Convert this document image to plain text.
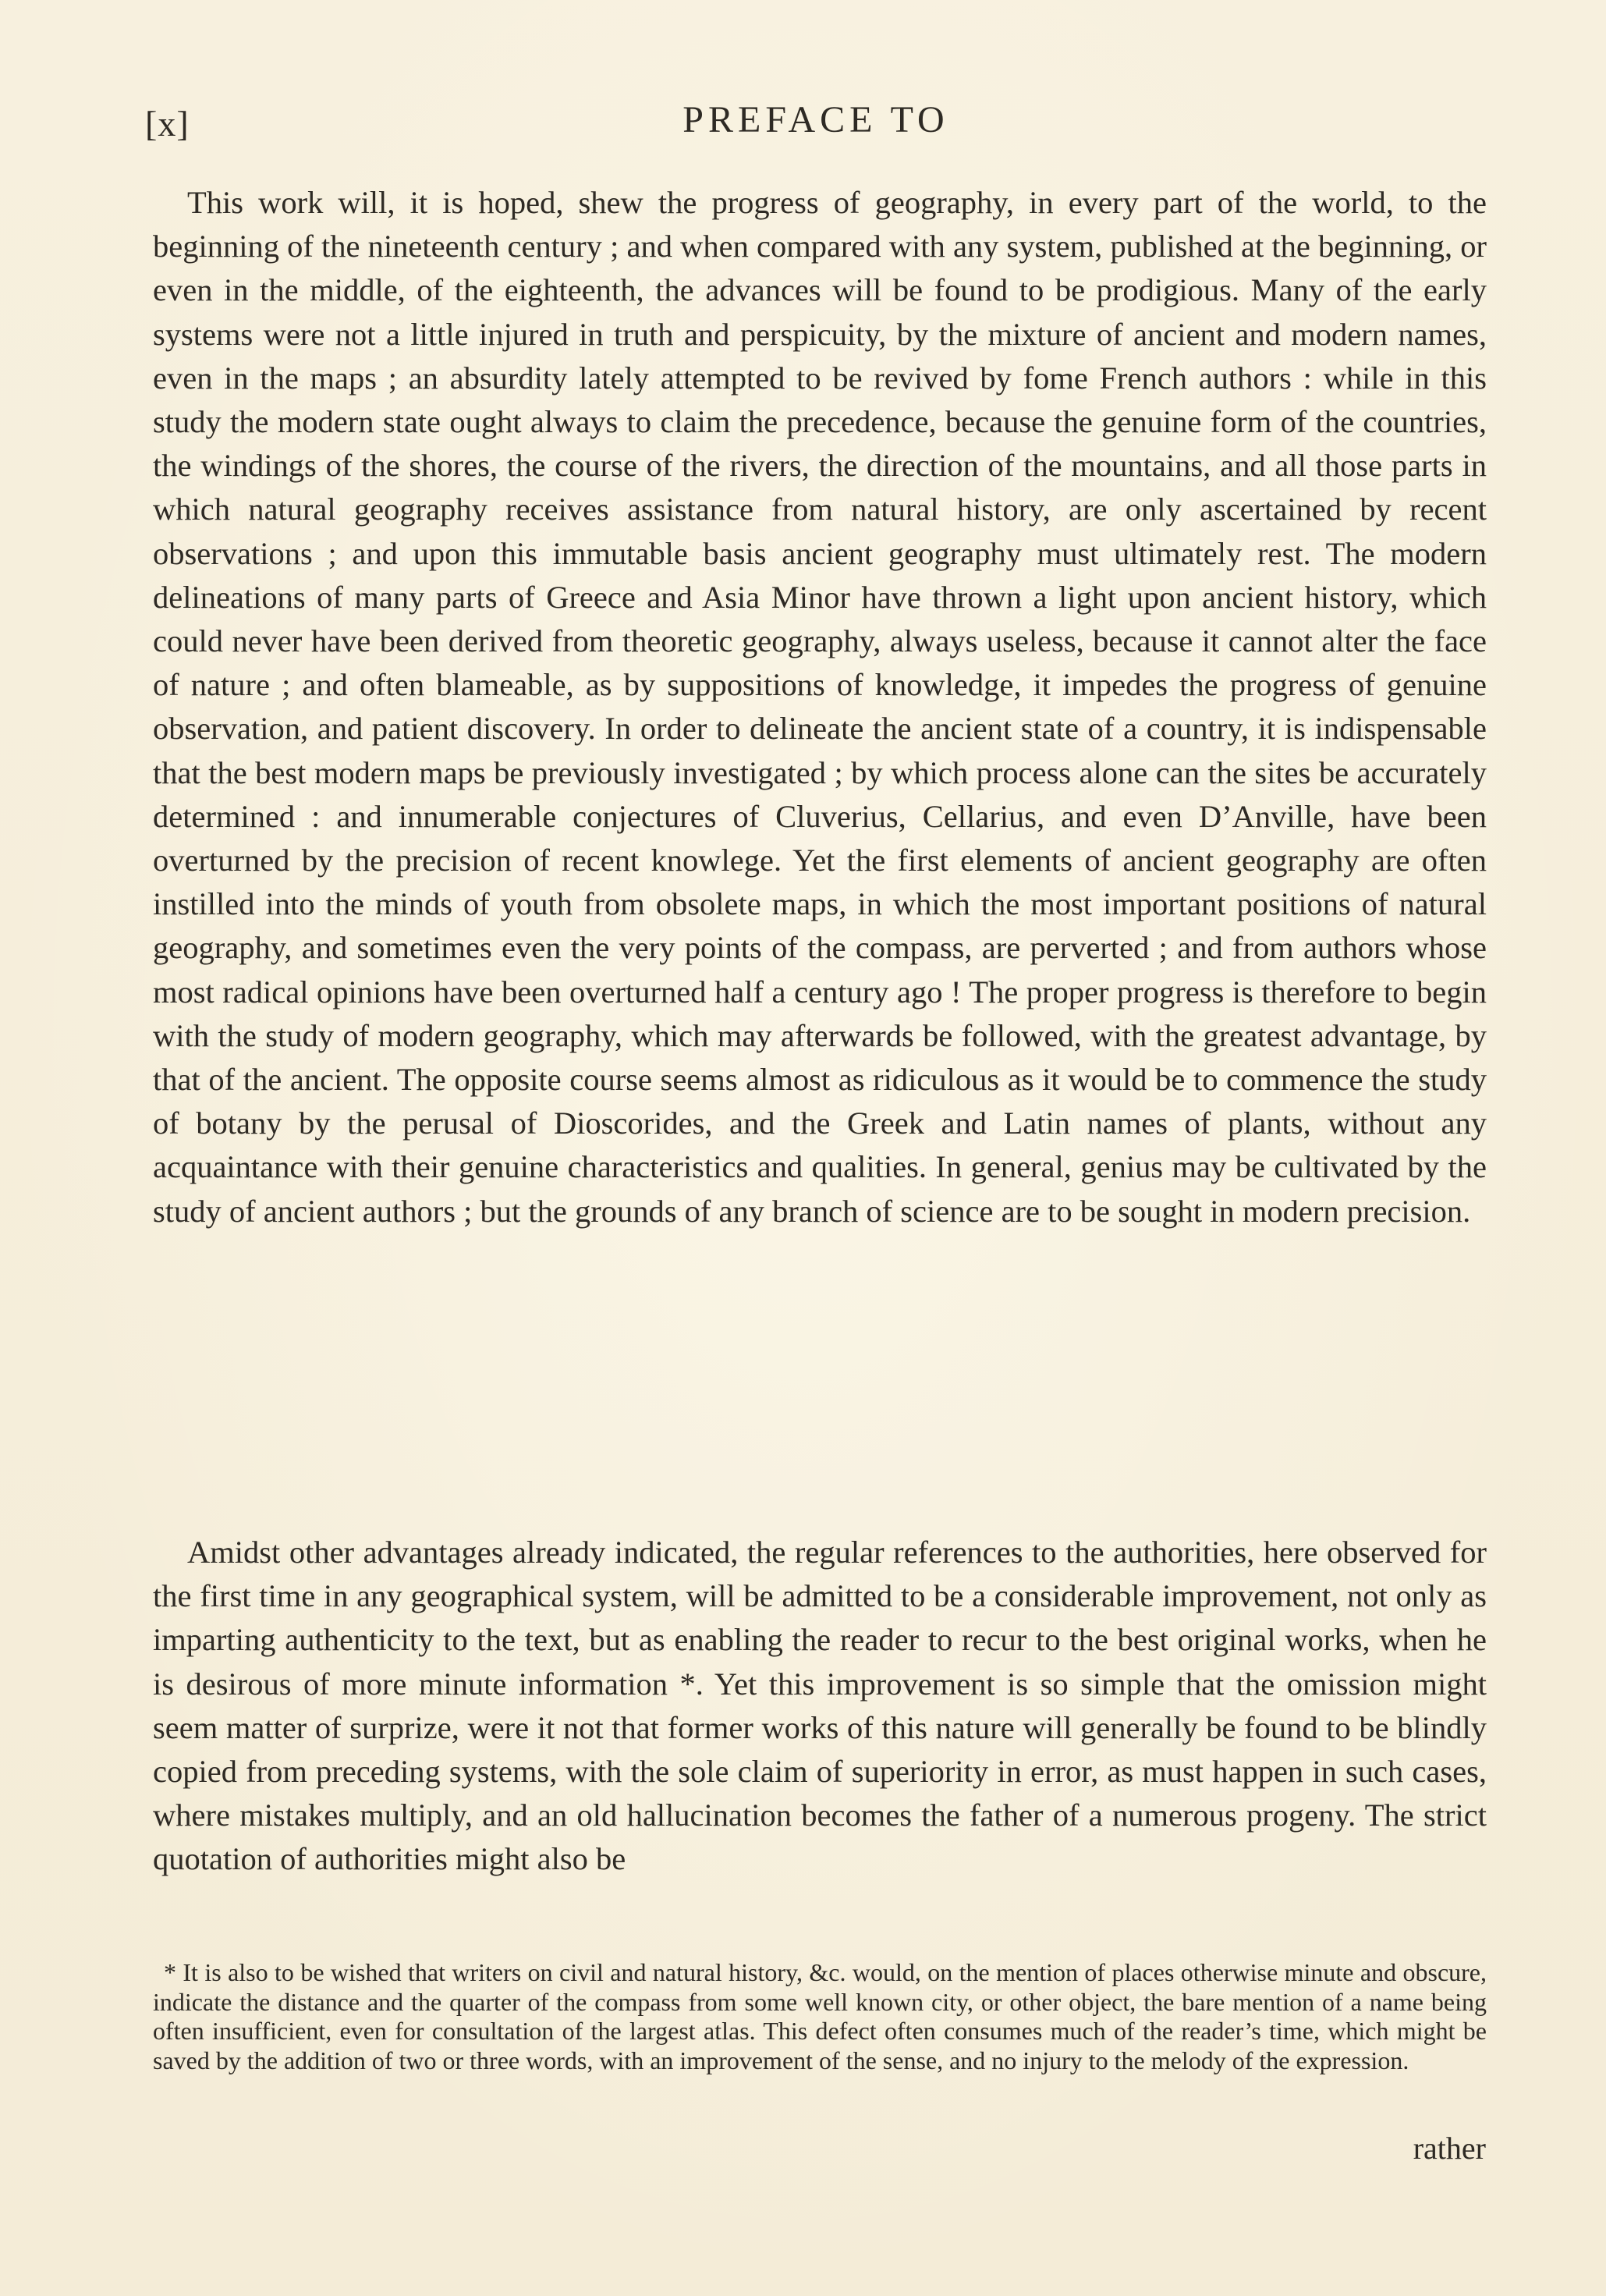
[x]	PREFACE TO

This work will, it is hoped, shew the progress of geography, in every part of the world, to the beginning of the nineteenth century ; and when compared with any system, published at the beginning, or even in the middle, of the eighteenth, the advances will be found to be prodigious. Many of the early systems were not a little injured in truth and perspicuity, by the mixture of ancient and modern names, even in the maps ; an absurdity lately attempted to be revived by fome French authors : while in this study the modern state ought always to claim the precedence, because the genuine form of the countries, the windings of the shores, the course of the rivers, the direction of the mountains, and all those parts in which natural geography receives assistance from natural history, are only ascertained by recent observations ; and upon this immutable basis ancient geography must ultimately rest. The modern delineations of many parts of Greece and Asia Minor have thrown a light upon ancient history, which could never have been derived from theoretic geography, always useless, because it cannot alter the face of nature ; and often blameable, as by suppositions of knowledge, it impedes the progress of genuine observation, and patient discovery. In order to delineate the ancient state of a country, it is indispensable that the best modern maps be previously investigated ; by which process alone can the sites be accurately determined : and innumerable conjectures of Cluverius, Cellarius, and even D’Anville, have been overturned by the precision of recent knowlege. Yet the first elements of ancient geography are often instilled into the minds of youth from obsolete maps, in which the most important positions of natural geography, and sometimes even the very points of the compass, are perverted ; and from authors whose most radical opinions have been overturned half a century ago ! The proper progress is therefore to begin with the study of modern geography, which may afterwards be followed, with the greatest advantage, by that of the ancient. The opposite course seems almost as ridiculous as it would be to commence the study of botany by the perusal of Dioscorides, and the Greek and Latin names of plants, without any acquaintance with their genuine characteristics and qualities. In general, genius may be cultivated by the study of ancient authors ; but the grounds of any branch of science are to be sought in modern precision.

Amidst other advantages already indicated, the regular references to the authorities, here observed for the first time in any geographical system, will be admitted to be a considerable improvement, not only as imparting authenticity to the text, but as enabling the reader to recur to the best original works, when he is desirous of more minute information *. Yet this improvement is so simple that the omission might seem matter of surprize, were it not that former works of this nature will generally be found to be blindly copied from preceding systems, with the sole claim of superiority in error, as must happen in such cases, where mistakes multiply, and an old hallucination becomes the father of a numerous progeny. The strict quotation of authorities might also be

* It is also to be wished that writers on civil and natural history, &c. would, on the mention of places otherwise minute and obscure, indicate the distance and the quarter of the compass from some well known city, or other object, the bare mention of a name being often insufficient, even for consultation of the largest atlas. This defect often consumes much of the reader’s time, which might be saved by the addition of two or three words, with an improvement of the sense, and no injury to the melody of the expression.

rather
